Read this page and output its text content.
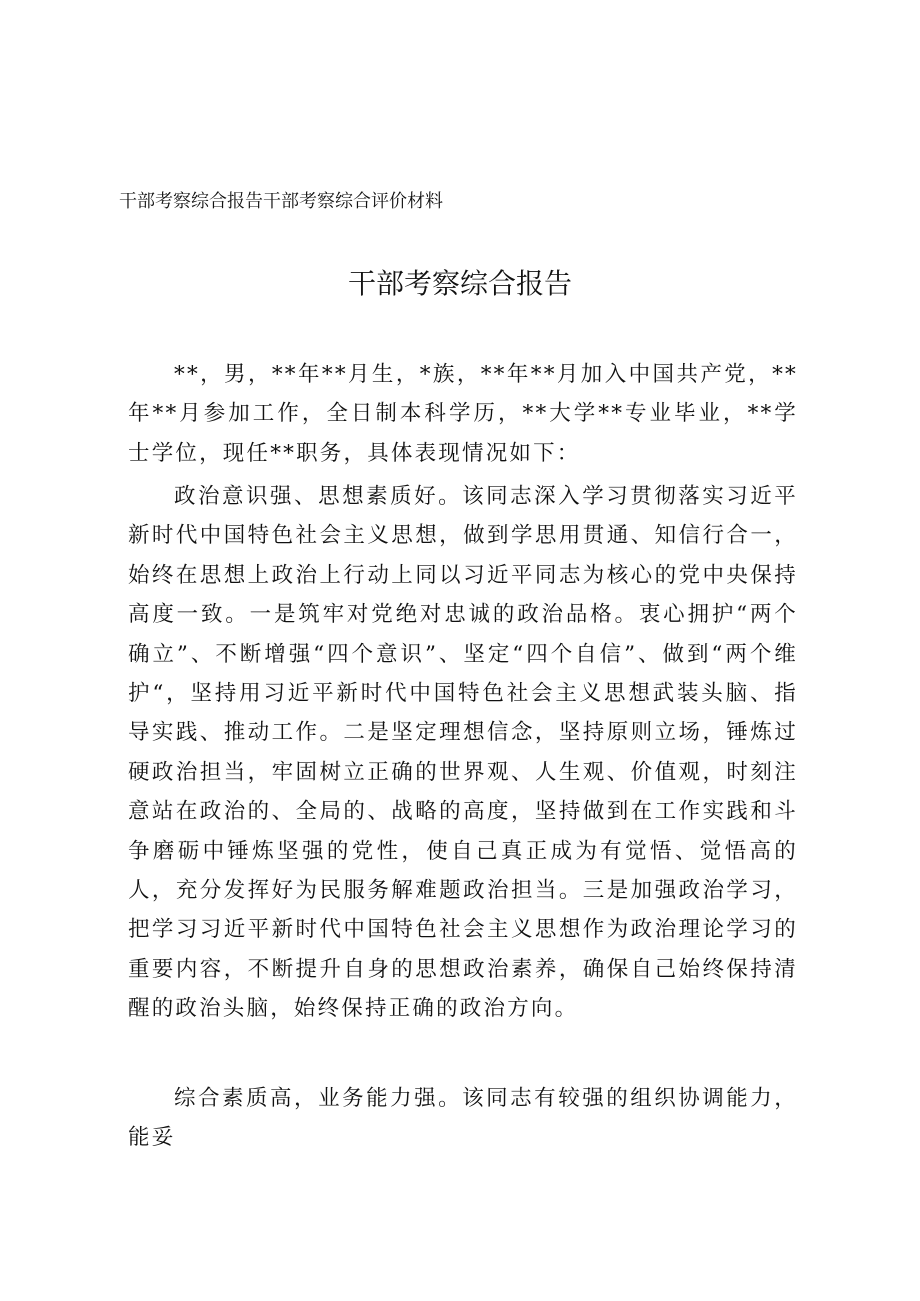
干部考察综合报告干部考察综合评价材料
干部考察综合报告

**，男，**年**月生，*族，**年**月加入中国共产党，**年**月参加工作，全日制本科学历，**大学**专业毕业，**学士学位，现任**职务，具体表现情况如下：

政治意识强、思想素质好。该同志深入学习贯彻落实习近平新时代中国特色社会主义思想，做到学思用贯通、知信行合一，始终在思想上政治上行动上同以习近平同志为核心的党中央保持高度一致。一是筑牢对党绝对忠诚的政治品格。衷心拥护“两个确立”、不断增强“四个意识”、坚定“四个自信”、做到“两个维护“，坚持用习近平新时代中国特色社会主义思想武装头脑、指导实践、推动工作。二是坚定理想信念，坚持原则立场，锤炼过硬政治担当，牢固树立正确的世界观、人生观、价值观，时刻注意站在政治的、全局的、战略的高度，坚持做到在工作实践和斗争磨砺中锤炼坚强的党性，使自己真正成为有觉悟、觉悟高的人，充分发挥好为民服务解难题政治担当。三是加强政治学习，把学习习近平新时代中国特色社会主义思想作为政治理论学习的重要内容，不断提升自身的思想政治素养，确保自己始终保持清醒的政治头脑，始终保持正确的政治方向。

综合素质高，业务能力强。该同志有较强的组织协调能力，能妥
